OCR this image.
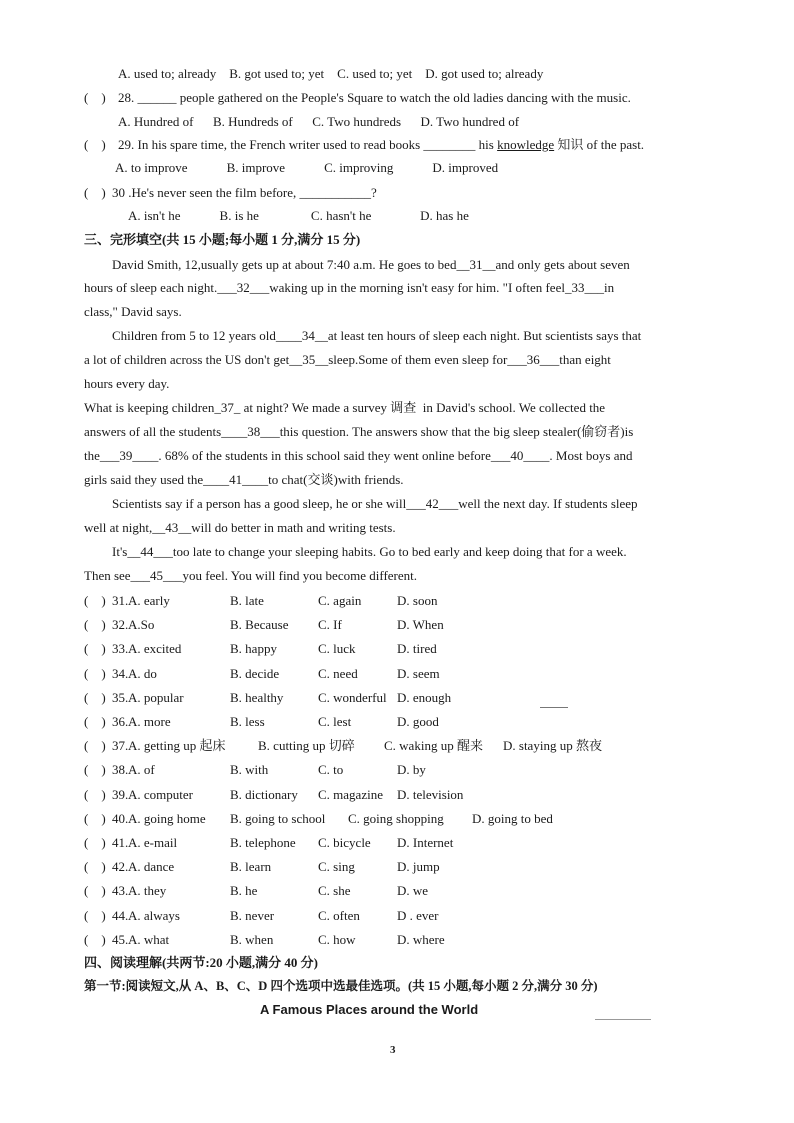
A. used to; already    B. got used to; yet    C. used to; yet    D. got used to; already
(    ) 28. ______ people gathered on the People's Square to watch the old ladies dancing with the music.
A. Hundred of      B. Hundreds of      C. Two hundreds      D. Two hundred of
(    ) 29. In his spare time, the French writer used to read books ________ his knowledge 知识 of the past.
A. to improve            B. improve            C. improving            D. improved
(    ) 30 .He's never seen the film before, ___________?
A. isn't he            B. is he                C. hasn't he               D. has he
三、完形填空(共 15 小题;每小题 1 分,满分 15 分)
David Smith, 12,usually gets up at about 7:40 a.m. He goes to bed__31__and only gets about seven
hours of sleep each night.___32___waking up in the morning isn't easy for him. "I often feel_33___in
class," David says.
Children from 5 to 12 years old____34__at least ten hours of sleep each night. But scientists says that
a lot of children across the US don't get__35__sleep.Some of them even sleep for___36___than eight
hours every day.
What is keeping children_37_ at night? We made a survey 调查  in David's school. We collected the
answers of all the students____38___this question. The answers show that the big sleep stealer(偷窃者)is
the___39____. 68% of the students in this school said they went online before___40____. Most boys and
girls said they used the____41____to chat(交谈)with friends.
Scientists say if a person has a good sleep, he or she will___42___well the next day. If students sleep
well at night,__43__will do better in math and writing tests.
It's__44___too late to change your sleeping habits. Go to bed early and keep doing that for a week.
Then see___45___you feel. You will find you become different.
(    ) 31. A. early	B. late	C. again	D. soon
(    ) 32. A.So	B. Because C. If	D. When
(    ) 33. A. excited	B. happy	C. luck	D. tired
(    ) 34. A. do	B. decide	C. need	D. seem
(    ) 35. A. popular	B. healthy	C. wonderful D. enough
(    ) 36. A. more	B. less	C. lest	D. good
(    ) 37. A. getting up 起床	B. cutting up 切碎 C. waking up 醒来 D. staying up 熬夜
(    ) 38. A. of	B. with	C. to	D. by
(    ) 39. A. computer	B. dictionary C. magazine D. television
(    ) 40. A. going home B. going to school C. going shopping D. going to bed
(    ) 41. A. e-mail	B. telephone C. bicycle D. Internet
(    ) 42. A. dance	B. learn	C. sing	D. jump
(    ) 43. A. they	B. he	C. she	D. we
(    ) 44. A. always	B. never	C. often	D . ever
(    ) 45. A. what	B. when	C. how	D. where
四、阅读理解(共两节:20 小题,满分 40 分)
第一节:阅读短文,从 A、B、C、D 四个选项中选最佳选项。(共 15 小题,每小题 2 分,满分 30 分)
A Famous Places around the World
3
